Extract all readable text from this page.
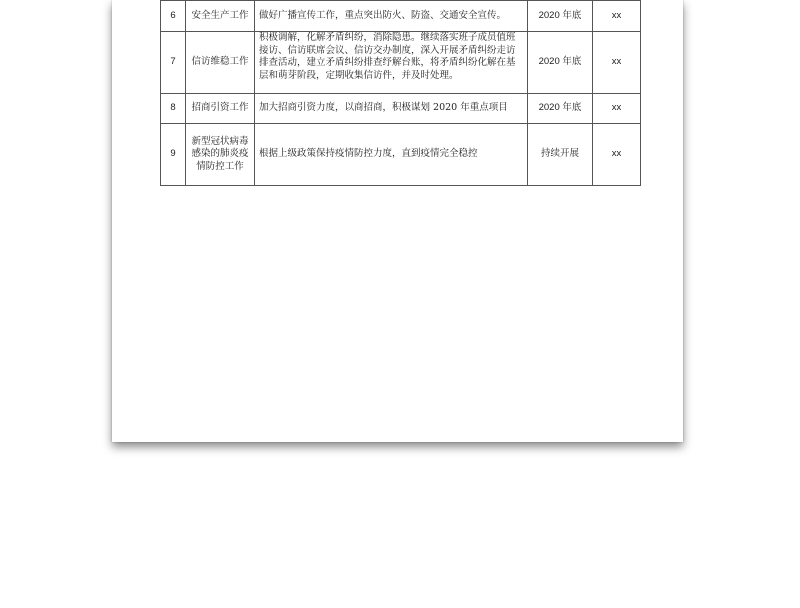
6	安全生产工作	做好广播宣传工作，重点突出防火、防盗、交通安全宣传。	2020 年底	xx
7	信访维稳工作	积极调解，化解矛盾纠纷，消除隐患。继续落实班子成员值班接访、信访联席会议、信访交办制度，深入开展矛盾纠纷走访排查活动，建立矛盾纠纷排查纾解台账，将矛盾纠纷化解在基层和萌芽阶段，定期收集信访件，并及时处理。	2020 年底	xx
8	招商引资工作	加大招商引资力度，以商招商，积极谋划 2020 年重点项目	2020 年底	xx
9	新型冠状病毒感染的肺炎疫情防控工作	根据上级政策保持疫情防控力度，直到疫情完全稳控	持续开展	xx
